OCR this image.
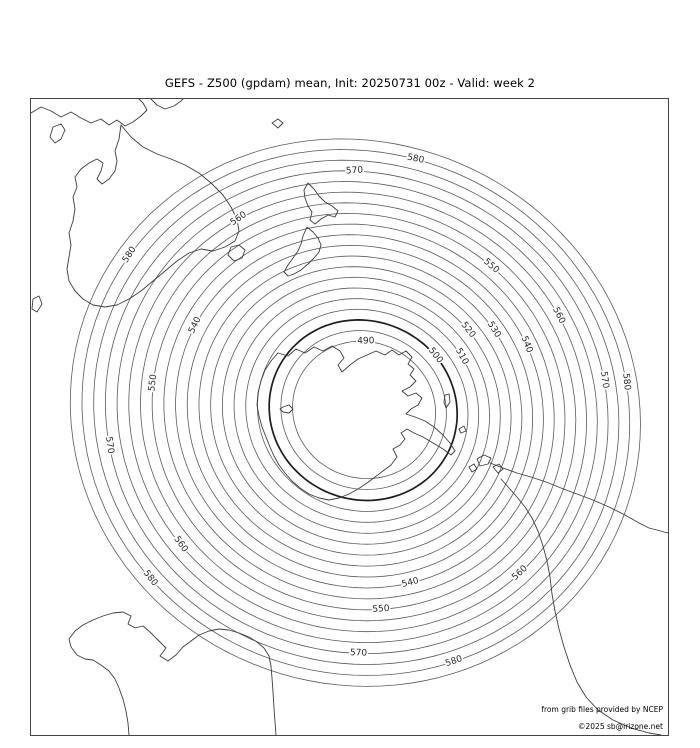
GEFS - Z500 (gpdam) mean, Init: 20250731 00z - Valid: week 2
490
500 510
520 530
540
550
560
570 580
580
570
560
580
540
550
570
560
580	560
540
550
570
580
from grib files provided by NCEP
©2025 sb@irizone.net
